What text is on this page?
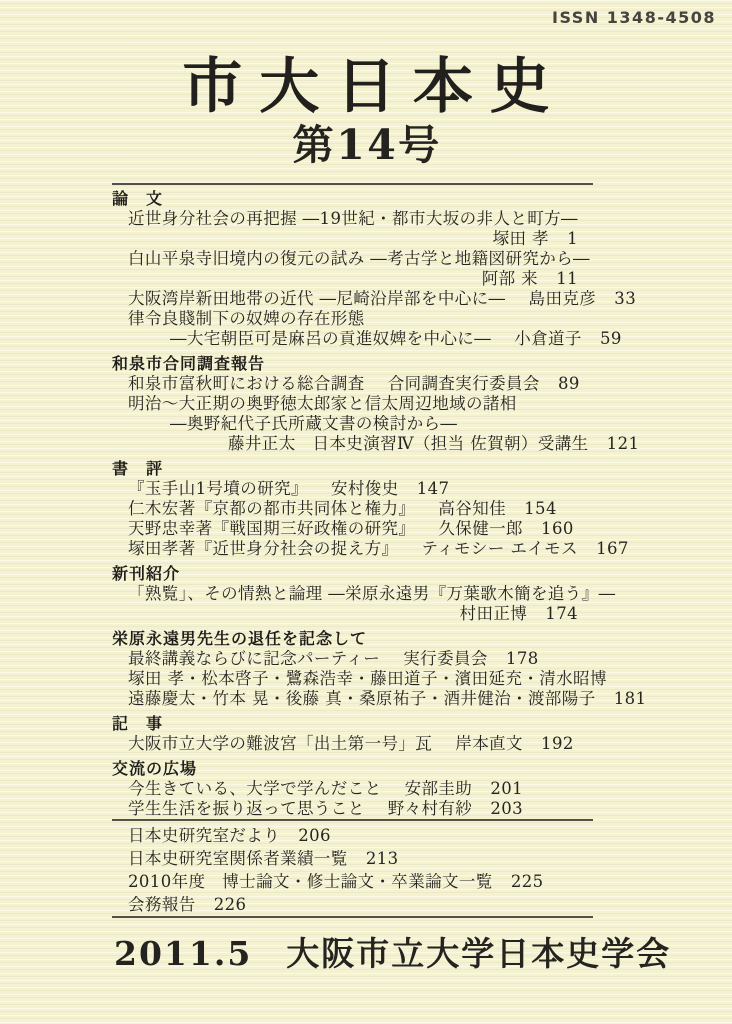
ISSN 1348-4508
市大日本史
第14号
論　文
近世身分社会の再把握 ―19世紀・都市大坂の非人と町方―
塚田 孝 1
白山平泉寺旧境内の復元の試み ―考古学と地籍図研究から―
阿部 来 11
大阪湾岸新田地帯の近代 ―尼崎沿岸部を中心に― 島田克彦 33
律令良賤制下の奴婢の存在形態
―大宅朝臣可是麻呂の貢進奴婢を中心に― 小倉道子 59
和泉市合同調査報告
和泉市富秋町における総合調査 合同調査実行委員会 89
明治～大正期の奥野徳太郎家と信太周辺地域の諸相
―奥野紀代子氏所蔵文書の検討から―
藤井正太　日本史演習Ⅳ（担当 佐賀朝）受講生 121
書　評
『玉手山1号墳の研究』 安村俊史 147
仁木宏著『京都の都市共同体と権力』 高谷知佳 154
天野忠幸著『戦国期三好政権の研究』 久保健一郎 160
塚田孝著『近世身分社会の捉え方』 ティモシー エイモス 167
新刊紹介
「熟覧」、その情熱と論理 ―栄原永遠男『万葉歌木簡を追う』―
村田正博 174
栄原永遠男先生の退任を記念して
最終講義ならびに記念パーティー 実行委員会 178
塚田 孝・松本啓子・鷺森浩幸・藤田道子・濱田延充・清水昭博
遠藤慶太・竹本 晃・後藤 真・桑原祐子・酒井健治・渡部陽子 181
記　事
大阪市立大学の難波宮「出土第一号」瓦 岸本直文 192
交流の広場
今生きている、大学で学んだこと 安部圭助 201
学生生活を振り返って思うこと 野々村有紗 203
日本史研究室だより 206
日本史研究室関係者業績一覧 213
2010年度　博士論文・修士論文・卒業論文一覧 225
会務報告 226
2011.5 大阪市立大学日本史学会
